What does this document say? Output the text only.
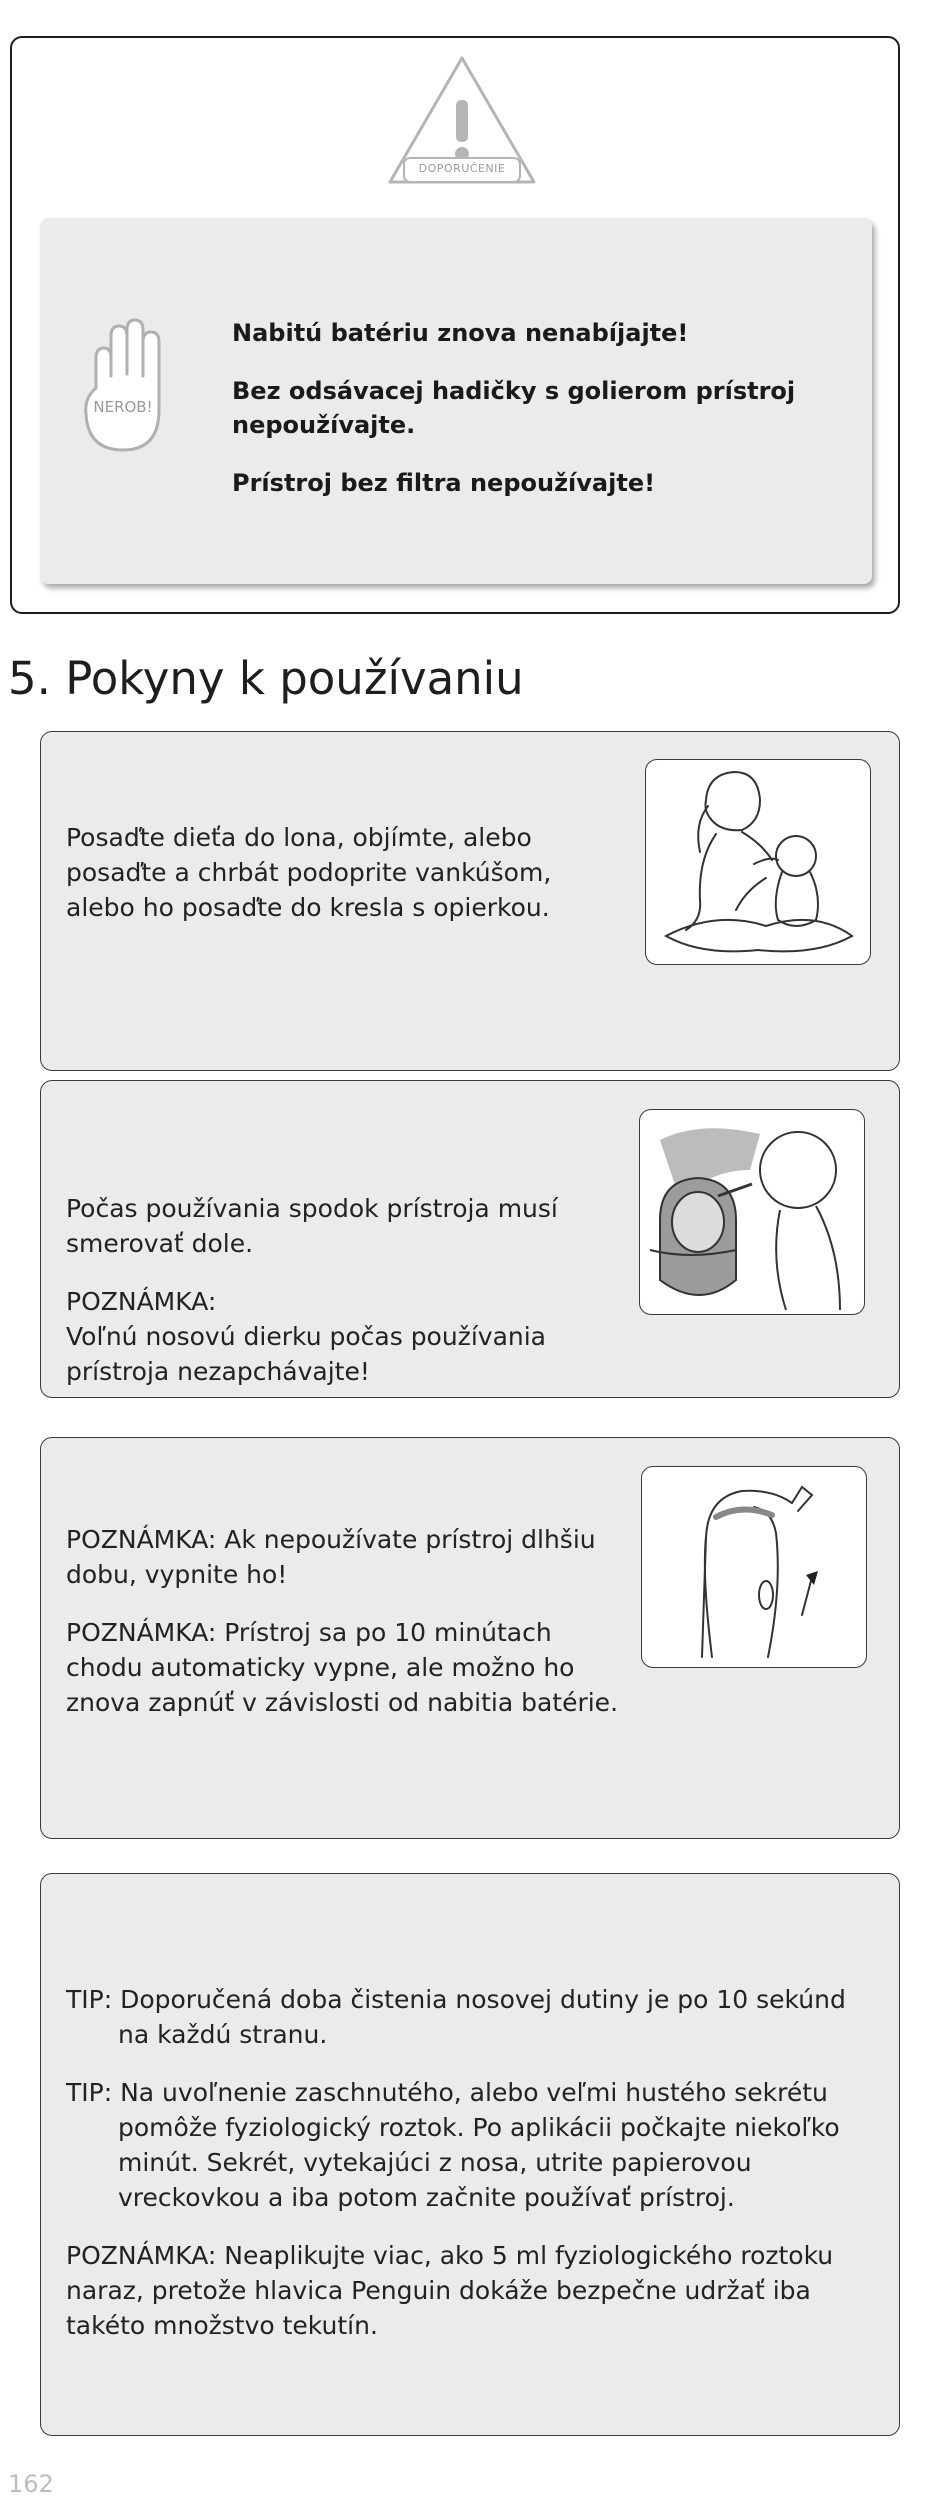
DOPORUČENIE
NEROB!
Nabitú batériu znova nenabíjajte!
Bez odsávacej hadičky s golierom prístroj nepoužívajte.
Prístroj bez filtra nepoužívajte!
5. Pokyny k používaniu

Posaďte dieťa do lona, objímte, alebo posaďte a chrbát podoprite vankúšom, alebo ho posaďte do kresla s opierkou.

Počas používania spodok prístroja musí smerovať dole.

POZNÁMKA:

Voľnú nosovú dierku počas používania prístroja nezapchávajte!

POZNÁMKA: Ak nepoužívate prístroj dlhšiu dobu, vypnite ho!

POZNÁMKA: Prístroj sa po 10 minútach chodu automaticky vypne, ale možno ho znova zapnúť v závislosti od nabitia batérie.

TIP: Doporučená doba čistenia nosovej dutiny je po 10 sekúnd na každú stranu.

TIP: Na uvoľnenie zaschnutého, alebo veľmi hustého sekrétu pomôže fyziologický roztok. Po aplikácii počkajte niekoľko minút. Sekrét, vytekajúci z nosa, utrite papierovou vreckovkou a iba potom začnite používať prístroj.

POZNÁMKA: Neaplikujte viac, ako 5 ml fyziologického roztoku naraz, pretože hlavica Penguin dokáže bezpečne udržať iba takéto množstvo tekutín.

162
